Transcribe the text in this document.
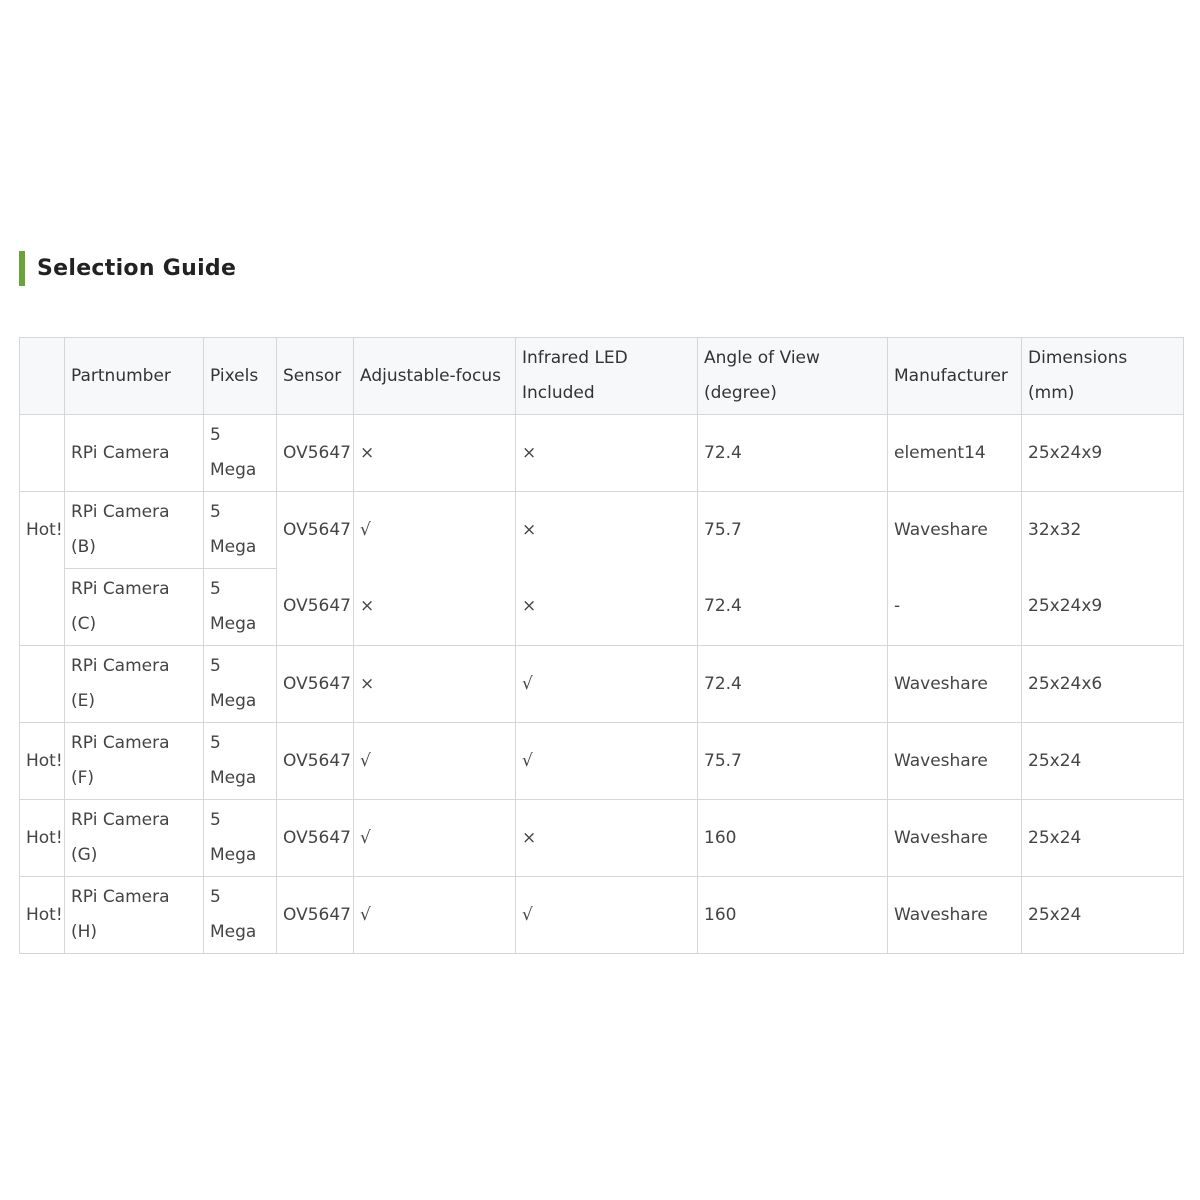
Selection Guide
	Partnumber	Pixels	Sensor	Adjustable-focus	Infrared LED Included	Angle of View (degree)	Manufacturer	Dimensions (mm)
	RPi Camera	5 Mega	OV5647	×	×	72.4	element14	25x24x9
Hot!	RPi Camera (B)	5 Mega	OV5647	√	×	75.7	Waveshare	32x32
	RPi Camera (C)	5 Mega	OV5647	×	×	72.4	-	25x24x9
	RPi Camera (E)	5 Mega	OV5647	×	√	72.4	Waveshare	25x24x6
Hot!	RPi Camera (F)	5 Mega	OV5647	√	√	75.7	Waveshare	25x24
Hot!	RPi Camera (G)	5 Mega	OV5647	√	×	160	Waveshare	25x24
Hot!	RPi Camera (H)	5 Mega	OV5647	√	√	160	Waveshare	25x24
